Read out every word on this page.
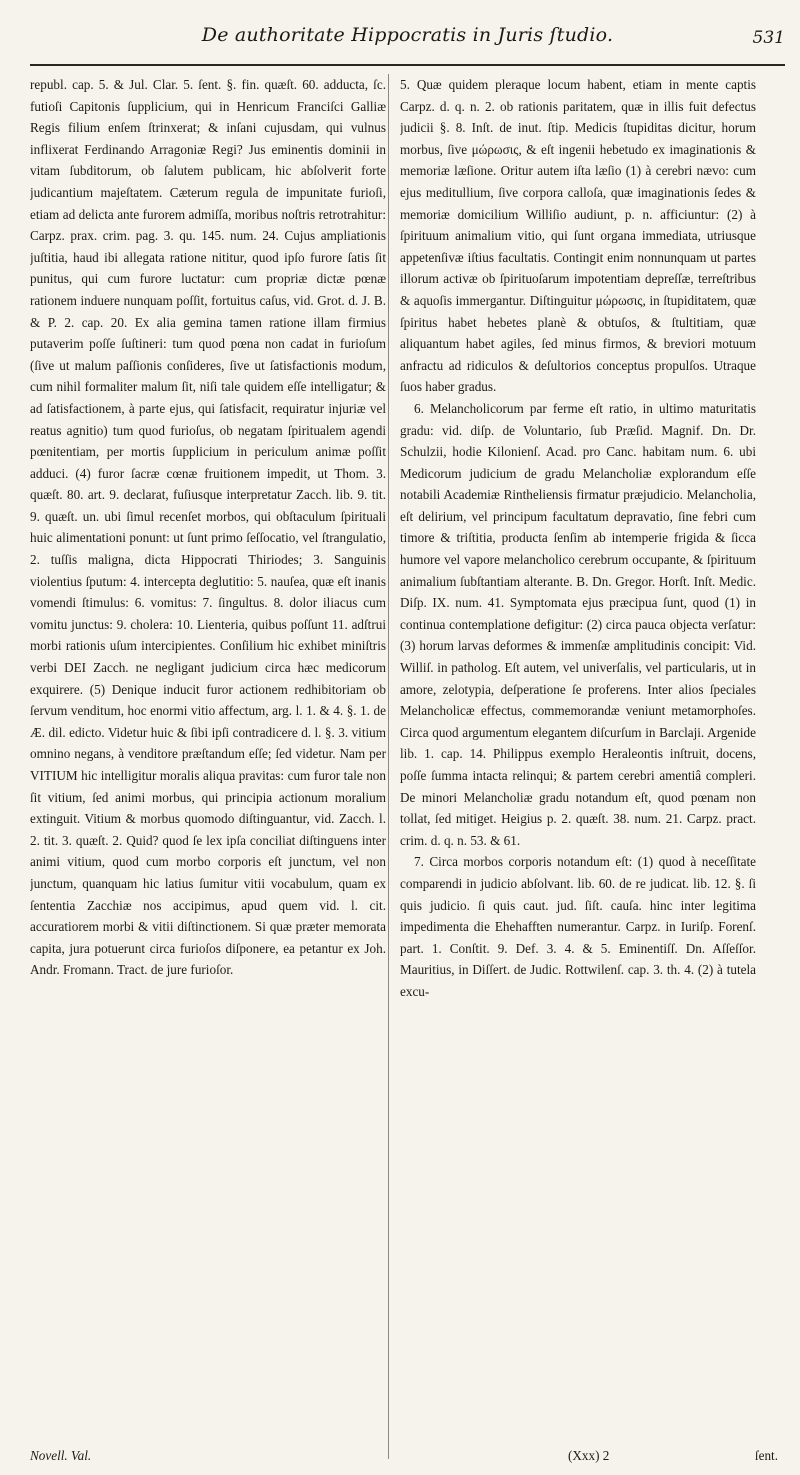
De authoritate Hippocratis in Juris ſtudio.	531

republ. cap. 5. & Jul. Clar. 5. ſent. §. fin. quæſt. 60. adducta, ſc. futioſi Capitonis ſupplicium, qui in Henricum Franciſci Galliæ Regis filium enſem ſtrinxerat; & inſani cujusdam, qui vulnus inflixerat Ferdinando Arragoniæ Regi? Jus eminentis dominii in vitam ſubditorum, ob ſalutem publicam, hic abſolverit forte judicantium majeſtatem. Cæterum regula de impunitate furioſi, etiam ad delicta ante furorem admiſſa, moribus noſtris retrotrahitur: Carpz. prax. crim. pag. 3. qu. 145. num. 24. Cujus ampliationis juſtitia, haud ibi allegata ratione nititur, quod ipſo furore ſatis ſit punitus, qui cum furore luctatur: cum propriæ dictæ pœnæ rationem induere nunquam poſſit, fortuitus caſus, vid. Grot. d. J. B. & P. 2. cap. 20. Ex alia gemina tamen ratione illam firmius putaverim poſſe ſuſtineri: tum quod pœna non cadat in furioſum (ſive ut malum paſſionis conſideres, ſive ut ſatisfactionis modum, cum nihil formaliter malum ſit, niſi tale quidem eſſe intelligatur; & ad ſatisfactionem, à parte ejus, qui ſatisfacit, requiratur injuriæ vel reatus agnitio) tum quod furioſus, ob negatam ſpiritualem agendi pœnitentiam, per mortis ſupplicium in periculum animæ poſſit adduci. (4) furor ſacræ cœnæ fruitionem impedit, ut Thom. 3. quæſt. 80. art. 9. declarat, fuſiusque interpretatur Zacch. lib. 9. tit. 9. quæſt. un. ubi ſimul recenſet morbos, qui obſtaculum ſpirituali huic alimentationi ponunt: ut ſunt primo ſeſſocatio, vel ſtrangulatio, 2. tuſſis maligna, dicta Hippocrati Thiriodes; 3. Sanguinis violentius ſputum: 4. intercepta deglutitio: 5. nauſea, quæ eſt inanis vomendi ſtimulus: 6. vomitus: 7. ſingultus. 8. dolor iliacus cum vomitu junctus: 9. cholera: 10. Lienteria, quibus poſſunt 11. adſtrui morbi rationis uſum intercipientes. Conſilium hic exhibet miniſtris verbi DEI Zacch. ne negligant judicium circa hæc medicorum exquirere. (5) Denique inducit furor actionem redhibitoriam ob ſervum venditum, hoc enormi vitio affectum, arg. l. 1. & 4. §. 1. de Æ. dil. edicto. Videtur huic & ſibi ipſi contradicere d. l. §. 3. vitium omnino negans, à venditore præſtandum eſſe; ſed videtur. Nam per VITIUM hic intelligitur moralis aliqua pravitas: cum furor tale non ſit vitium, ſed animi morbus, qui principia actionum moralium extinguit. Vitium & morbus quomodo diſtinguantur, vid. Zacch. l. 2. tit. 3. quæſt. 2. Quid? quod ſe lex ipſa conciliat diſtinguens inter animi vitium, quod cum morbo corporis eſt junctum, vel non junctum, quanquam hic latius ſumitur vitii vocabulum, quam ex ſententia Zacchiæ nos accipimus, apud quem vid. l. cit. accuratiorem morbi & vitii diſtinctionem. Si quæ præter memorata capita, jura potuerunt circa furioſos diſponere, ea petantur ex Joh. Andr. Fromann. Tract. de jure furioſor.

5. Quæ quidem pleraque locum habent, etiam in mente captis Carpz. d. q. n. 2. ob rationis paritatem, quæ in illis fuit defectus judicii §. 8. Inſt. de inut. ſtip. Medicis ſtupiditas dicitur, horum morbus, ſive μώρωσις, & eſt ingenii hebetudo ex imaginationis & memoriæ læſione. Oritur autem iſta læſio (1) à cerebri nævo: cum ejus meditullium, ſive corpora calloſa, quæ imaginationis ſedes & memoriæ domicilium Williſio audiunt, p. n. afficiuntur: (2) à ſpirituum animalium vitio, qui ſunt organa immediata, utriusque appetenſivæ iſtius facultatis. Contingit enim nonnunquam ut partes illorum activæ ob ſpirituoſarum impotentiam depreſſæ, terreſtribus & aquoſis immergantur. Diſtinguitur μώρωσις, in ſtupiditatem, quæ ſpiritus habet hebetes planè & obtuſos, & ſtultitiam, quæ aliquantum habet agiles, ſed minus firmos, & breviori motuum anfractu ad ridiculos & deſultorios conceptus propulſos. Utraque ſuos haber gradus.

6. Melancholicorum par ferme eſt ratio, in ultimo maturitatis gradu: vid. diſp. de Voluntario, ſub Præſid. Magnif. Dn. Dr. Schulzii, hodie Kilonienſ. Acad. pro Canc. habitam num. 6. ubi Medicorum judicium de gradu Melancholiæ explorandum eſſe notabili Academiæ Rintheliensis firmatur præjudicio. Melancholia, eſt delirium, vel principum facultatum depravatio, ſine febri cum timore & triſtitia, producta ſenſim ab intemperie frigida & ſicca humore vel vapore melancholico cerebrum occupante, & ſpirituum animalium ſubſtantiam alterante. B. Dn. Gregor. Horſt. Inſt. Medic. Diſp. IX. num. 41. Symptomata ejus præcipua ſunt, quod (1) in continua contemplatione defigitur: (2) circa pauca objecta verſatur: (3) horum larvas deformes & immenſæ amplitudinis concipit: Vid. Williſ. in patholog. Eſt autem, vel univerſalis, vel particularis, ut in amore, zelotypia, deſperatione ſe proferens. Inter alios ſpeciales Melancholicæ effectus, commemorandæ veniunt metamorphoſes. Circa quod argumentum elegantem diſcurſum in Barclaji. Argenide lib. 1. cap. 14. Philippus exemplo Heraleontis inſtruit, docens, poſſe ſumma intacta relinqui; & partem cerebri amentiâ compleri. De minori Melancholiæ gradu notandum eſt, quod pœnam non tollat, ſed mitiget. Heigius p. 2. quæſt. 38. num. 21. Carpz. pract. crim. d. q. n. 53. & 61.

7. Circa morbos corporis notandum eſt: (1) quod à neceſſitate comparendi in judicio abſolvant. lib. 60. de re judicat. lib. 12. §. ſi quis judicio. ſi quis caut. jud. ſiſt. cauſa. hinc inter legitima impedimenta die Ehehafften numerantur. Carpz. in Iuriſp. Forenſ. part. 1. Conſtit. 9. Def. 3. 4. & 5. Eminentiſſ. Dn. Aſſeſſor. Mauritius, in Diſſert. de Judic. Rottwilenſ. cap. 3. th. 4. (2) à tutela excu-

Novell. Val.	(Xxx) 2	ſent.
